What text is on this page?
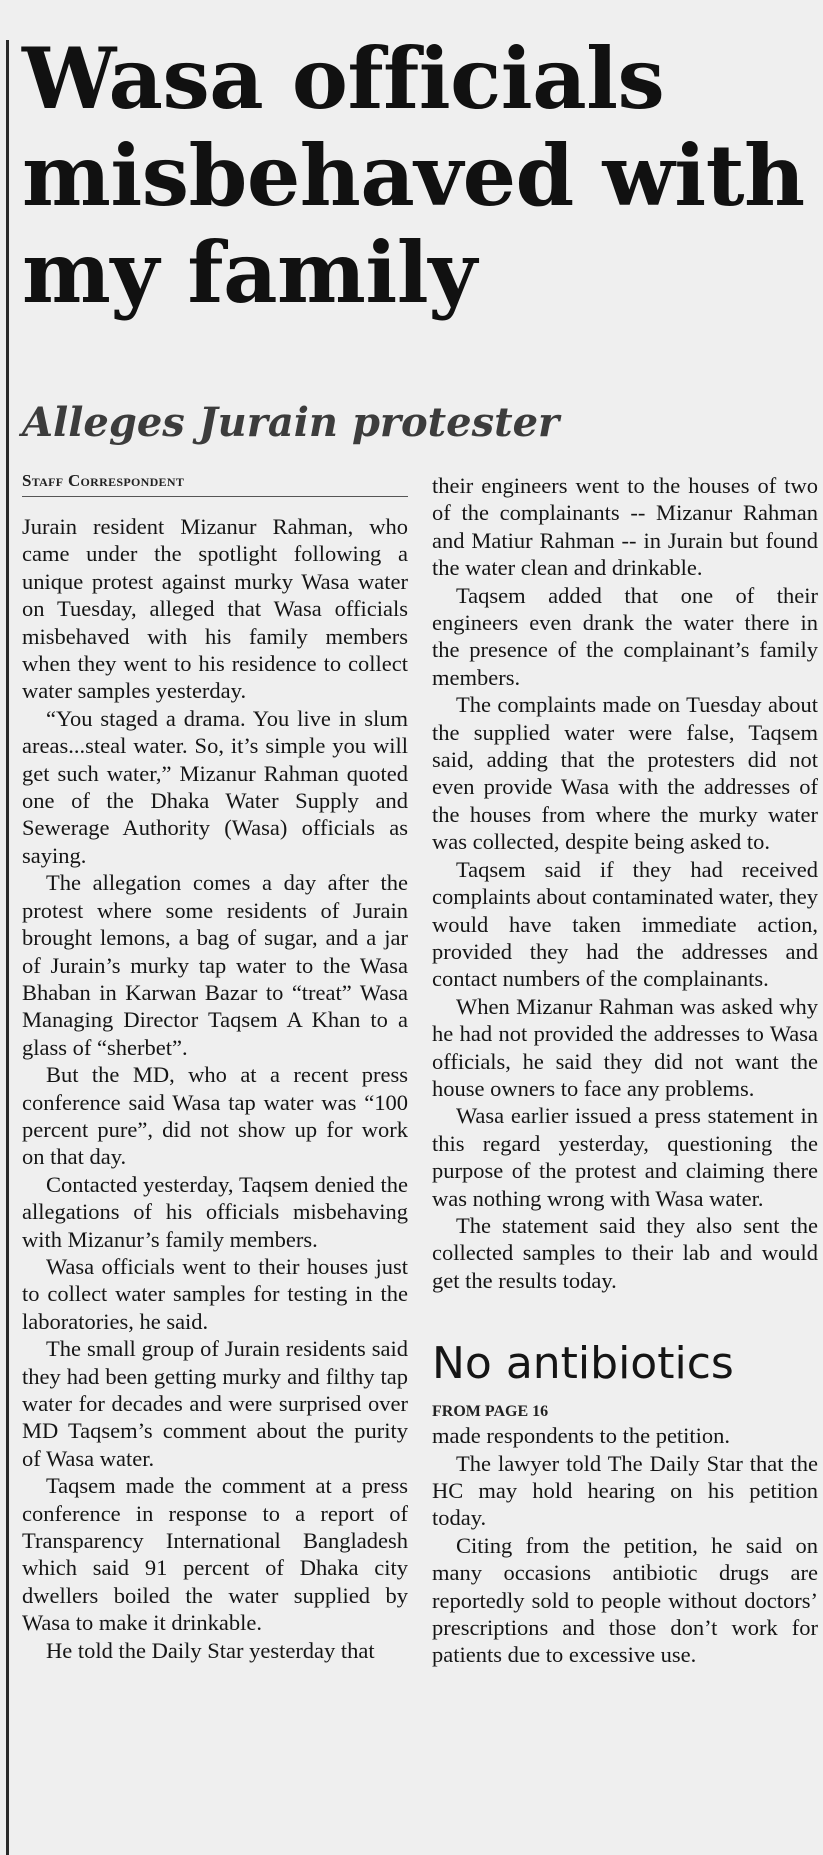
Wasa officials misbehaved with my family
Alleges Jurain protester
Staff Correspondent

Jurain resident Mizanur Rahman, who came under the spotlight following a unique protest against murky Wasa water on Tuesday, alleged that Wasa officials misbehaved with his family members when they went to his residence to collect water samples yesterday.

“You staged a drama. You live in slum areas...steal water. So, it’s simple you will get such water,” Mizanur Rahman quoted one of the Dhaka Water Supply and Sewerage Authority (Wasa) officials as saying.

The allegation comes a day after the protest where some residents of Jurain brought lemons, a bag of sugar, and a jar of Jurain’s murky tap water to the Wasa Bhaban in Karwan Bazar to “treat” Wasa Managing Director Taqsem A Khan to a glass of “sherbet”.

But the MD, who at a recent press conference said Wasa tap water was “100 percent pure”, did not show up for work on that day.

Contacted yesterday, Taqsem denied the allegations of his officials misbehaving with Mizanur’s family members.

Wasa officials went to their houses just to collect water samples for testing in the laboratories, he said.

The small group of Jurain residents said they had been getting murky and filthy tap water for decades and were surprised over MD Taqsem’s comment about the purity of Wasa water.

Taqsem made the comment at a press conference in response to a report of Transparency International Bangladesh which said 91 percent of Dhaka city dwellers boiled the water supplied by Wasa to make it drinkable.

He told the Daily Star yesterday that

their engineers went to the houses of two of the complainants -- Mizanur Rahman and Matiur Rahman -- in Jurain but found the water clean and drinkable.

Taqsem added that one of their engineers even drank the water there in the presence of the complainant’s family members.

The complaints made on Tuesday about the supplied water were false, Taqsem said, adding that the protesters did not even provide Wasa with the addresses of the houses from where the murky water was collected, despite being asked to.

Taqsem said if they had received complaints about contaminated water, they would have taken immediate action, provided they had the addresses and contact numbers of the complainants.

When Mizanur Rahman was asked why he had not provided the addresses to Wasa officials, he said they did not want the house owners to face any problems.

Wasa earlier issued a press statement in this regard yesterday, questioning the purpose of the protest and claiming there was nothing wrong with Wasa water.

The statement said they also sent the collected samples to their lab and would get the results today.

No antibiotics
FROM PAGE 16

made respondents to the petition.

The lawyer told The Daily Star that the HC may hold hearing on his petition today.

Citing from the petition, he said on many occasions antibiotic drugs are reportedly sold to people without doctors’ prescriptions and those don’t work for patients due to excessive use.
